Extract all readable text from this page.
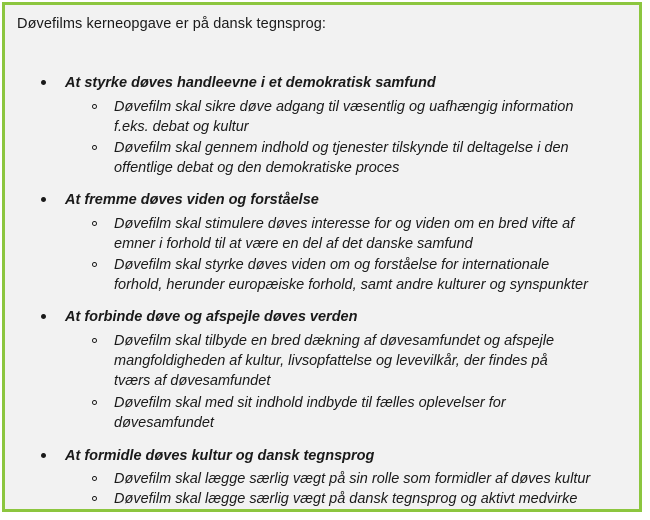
Døvefilms kerneopgave er på dansk tegnsprog:
At styrke døves handleevne i et demokratisk samfund
Døvefilm skal sikre døve adgang til væsentlig og uafhængig information
f.eks. debat og kultur
Døvefilm skal gennem indhold og tjenester tilskynde til deltagelse i den
offentlige debat og den demokratiske proces
At fremme døves viden og forståelse
Døvefilm skal stimulere døves interesse for og viden om en bred vifte af
emner i forhold til at være en del af det danske samfund
Døvefilm skal styrke døves viden om og forståelse for internationale
forhold, herunder europæiske forhold, samt andre kulturer og synspunkter
At forbinde døve og afspejle døves verden
Døvefilm skal tilbyde en bred dækning af døvesamfundet og afspejle
mangfoldigheden af kultur, livsopfattelse og levevilkår, der findes på
tværs af døvesamfundet
Døvefilm skal med sit indhold indbyde til fælles oplevelser for
døvesamfundet
At formidle døves kultur og dansk tegnsprog
Døvefilm skal lægge særlig vægt på sin rolle som formidler af døves kultur
Døvefilm skal lægge særlig vægt på dansk tegnsprog og aktivt medvirke
